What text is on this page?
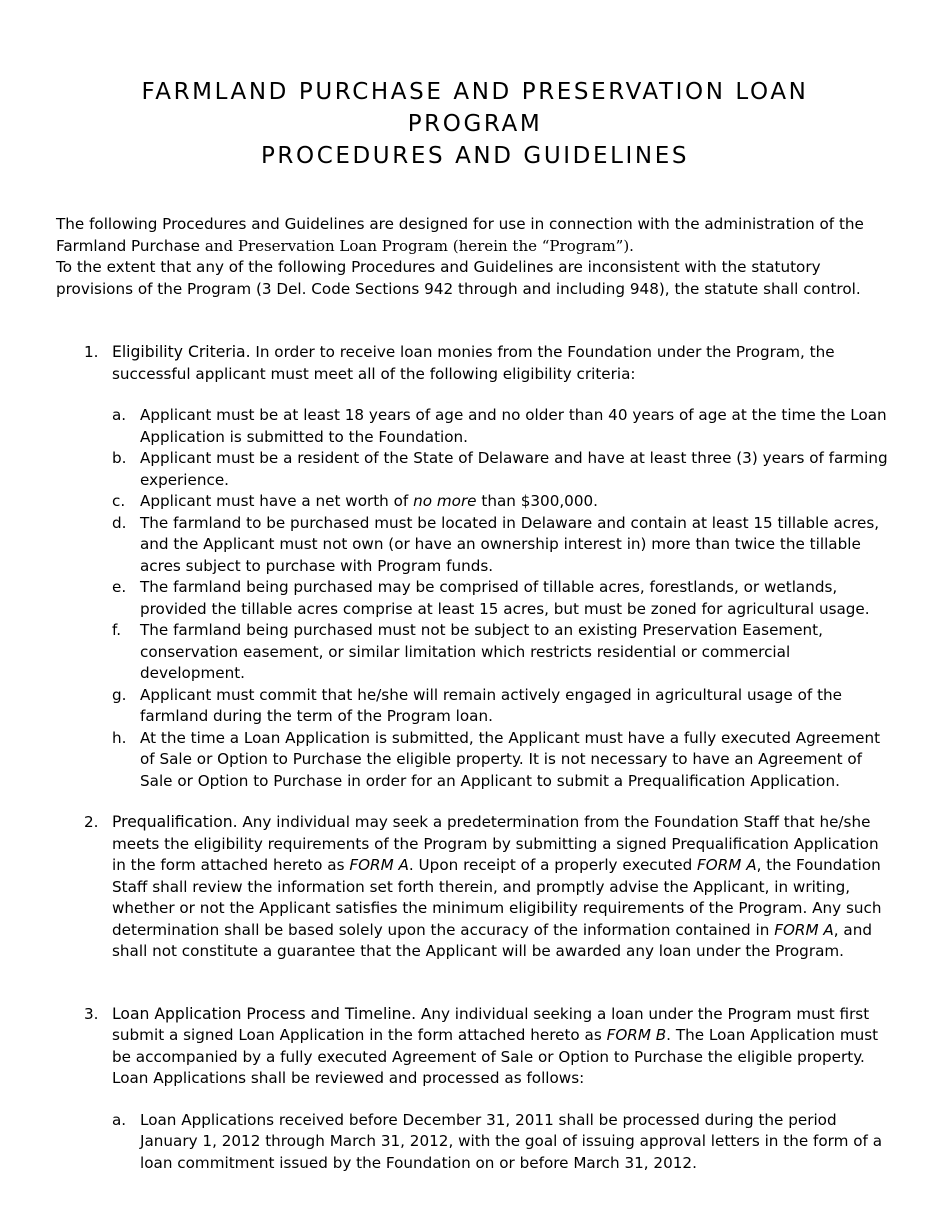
FARMLAND PURCHASE AND PRESERVATION LOAN
PROGRAM
PROCEDURES AND GUIDELINES

The following Procedures and Guidelines are designed for use in connection with the administration of the Farmland Purchase and Preservation Loan Program (herein the “Program”).

To the extent that any of the following Procedures and Guidelines are inconsistent with the statutory provisions of the Program (3 Del. Code Sections 942 through and including 948), the statute shall control.

1. Eligibility Criteria. In order to receive loan monies from the Foundation under the Program, the successful applicant must meet all of the following eligibility criteria:

a. Applicant must be at least 18 years of age and no older than 40 years of age at the time the Loan Application is submitted to the Foundation.
b. Applicant must be a resident of the State of Delaware and have at least three (3) years of farming experience.
c. Applicant must have a net worth of no more than $300,000.
d. The farmland to be purchased must be located in Delaware and contain at least 15 tillable acres, and the Applicant must not own (or have an ownership interest in) more than twice the tillable acres subject to purchase with Program funds.
e. The farmland being purchased may be comprised of tillable acres, forestlands, or wetlands, provided the tillable acres comprise at least 15 acres, but must be zoned for agricultural usage.
f. The farmland being purchased must not be subject to an existing Preservation Easement, conservation easement, or similar limitation which restricts residential or commercial development.
g. Applicant must commit that he/she will remain actively engaged in agricultural usage of the farmland during the term of the Program loan.
h. At the time a Loan Application is submitted, the Applicant must have a fully executed Agreement of Sale or Option to Purchase the eligible property. It is not necessary to have an Agreement of Sale or Option to Purchase in order for an Applicant to submit a Prequalification Application.
2. Prequalification. Any individual may seek a predetermination from the Foundation Staff that he/she meets the eligibility requirements of the Program by submitting a signed Prequalification Application in the form attached hereto as FORM A. Upon receipt of a properly executed FORM A, the Foundation Staff shall review the information set forth therein, and promptly advise the Applicant, in writing, whether or not the Applicant satisfies the minimum eligibility requirements of the Program. Any such determination shall be based solely upon the accuracy of the information contained in FORM A, and shall not constitute a guarantee that the Applicant will be awarded any loan under the Program.

3. Loan Application Process and Timeline. Any individual seeking a loan under the Program must first submit a signed Loan Application in the form attached hereto as FORM B. The Loan Application must be accompanied by a fully executed Agreement of Sale or Option to Purchase the eligible property. Loan Applications shall be reviewed and processed as follows:

a. Loan Applications received before December 31, 2011 shall be processed during the period January 1, 2012 through March 31, 2012, with the goal of issuing approval letters in the form of a loan commitment issued by the Foundation on or before March 31, 2012.
